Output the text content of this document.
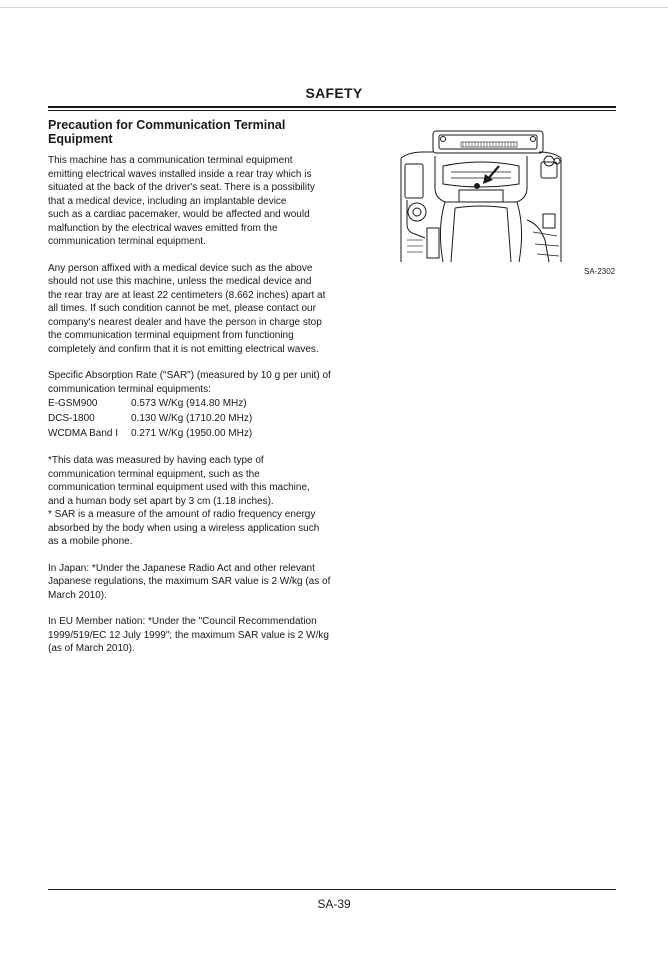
SAFETY
Precaution for Communication Terminal Equipment

This machine has a communication terminal equipment
emitting electrical waves installed inside a rear tray which is
situated at the back of the driver's seat. There is a possibility
that a medical device, including an implantable device
such as a cardiac pacemaker, would be affected and would
malfunction by the electrical waves emitted from the
communication terminal equipment.

Any person affixed with a medical device such as the above
should not use this machine, unless the medical device and
the rear tray are at least 22 centimeters (8.662 inches) apart at
all times. If such condition cannot be met, please contact our
company's nearest dealer and have the person in charge stop
the communication terminal equipment from functioning
completely and confirm that it is not emitting electrical waves.

Specific Absorption Rate ("SAR") (measured by 10 g per unit) of
communication terminal equipments:

E-GSM900	0.573 W/Kg (914.80 MHz)
DCS-1800	0.130 W/Kg (1710.20 MHz)
WCDMA Band I	0.271 W/Kg (1950.00 MHz)

*This data was measured by having each type of
communication terminal equipment, such as the
communication terminal equipment used with this machine,
and a human body set apart by 3 cm (1.18 inches).
* SAR is a measure of the amount of radio frequency energy
absorbed by the body when using a wireless application such
as a mobile phone.

In Japan: *Under the Japanese Radio Act and other relevant
Japanese regulations, the maximum SAR value is 2 W/kg (as of
March 2010).

In EU Member nation: *Under the "Council Recommendation
1999/519/EC 12 July 1999"; the maximum SAR value is 2 W/kg
(as of March 2010).

SA-2302
SA-39
